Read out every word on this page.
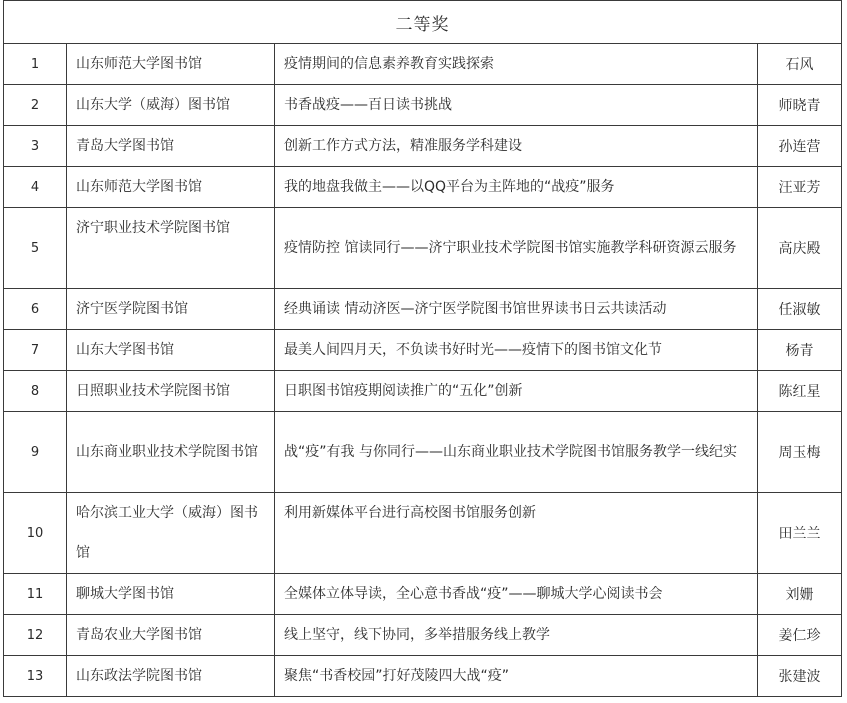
二等奖			
1	山东师范大学图书馆	疫情期间的信息素养教育实践探索	石风
2	山东大学（威海）图书馆	书香战疫——百日读书挑战	师晓青
3	青岛大学图书馆	创新工作方式方法，精准服务学科建设	孙连营
4	山东师范大学图书馆	我的地盘我做主——以QQ平台为主阵地的“战疫”服务	汪亚芳
5	济宁职业技术学院图书馆	疫情防控 馆读同行——济宁职业技术学院图书馆实施教学科研资源云服务	高庆殿
6	济宁医学院图书馆	经典诵读 情动济医—济宁医学院图书馆世界读书日云共读活动	任淑敏
7	山东大学图书馆	最美人间四月天，不负读书好时光——疫情下的图书馆文化节	杨青
8	日照职业技术学院图书馆	日职图书馆疫期阅读推广的“五化”创新	陈红星
9	山东商业职业技术学院图书馆	战“疫”有我 与你同行——山东商业职业技术学院图书馆服务教学一线纪实	周玉梅
10	哈尔滨工业大学（威海）图书馆	利用新媒体平台进行高校图书馆服务创新	田兰兰
11	聊城大学图书馆	全媒体立体导读，全心意书香战“疫”——聊城大学心阅读书会	刘姗
12	青岛农业大学图书馆	线上坚守，线下协同，多举措服务线上教学	姜仁珍
13	山东政法学院图书馆	聚焦“书香校园”打好茂陵四大战“疫”	张建波
